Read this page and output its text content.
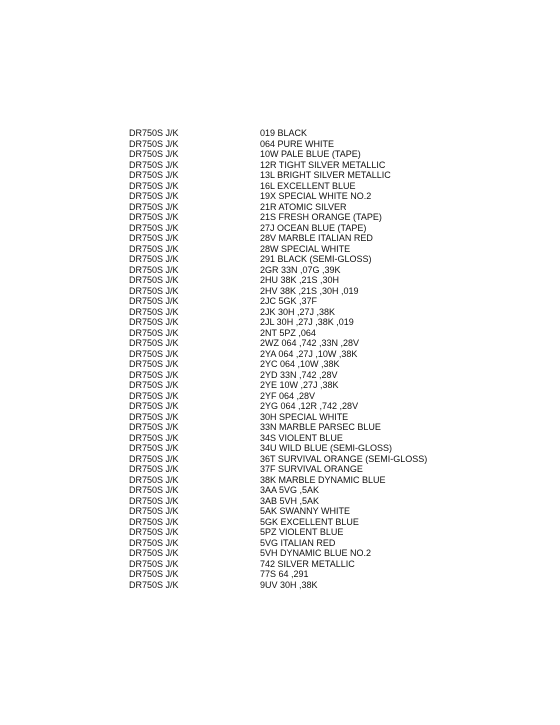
DR750S J/K	019 BLACK
DR750S J/K	064 PURE WHITE
DR750S J/K	10W PALE BLUE (TAPE)
DR750S J/K	12R TIGHT SILVER METALLIC
DR750S J/K	13L BRIGHT SILVER METALLIC
DR750S J/K	16L EXCELLENT BLUE
DR750S J/K	19X SPECIAL WHITE NO.2
DR750S J/K	21R ATOMIC SILVER
DR750S J/K	21S FRESH ORANGE (TAPE)
DR750S J/K	27J OCEAN BLUE (TAPE)
DR750S J/K	28V MARBLE ITALIAN RED
DR750S J/K	28W SPECIAL WHITE
DR750S J/K	291 BLACK (SEMI-GLOSS)
DR750S J/K	2GR 33N ,07G ,39K
DR750S J/K	2HU 38K ,21S ,30H
DR750S J/K	2HV 38K ,21S ,30H ,019
DR750S J/K	2JC 5GK ,37F
DR750S J/K	2JK 30H ,27J ,38K
DR750S J/K	2JL 30H ,27J ,38K ,019
DR750S J/K	2NT 5PZ ,064
DR750S J/K	2WZ 064 ,742 ,33N ,28V
DR750S J/K	2YA 064 ,27J ,10W ,38K
DR750S J/K	2YC 064 ,10W ,38K
DR750S J/K	2YD 33N ,742 ,28V
DR750S J/K	2YE 10W ,27J ,38K
DR750S J/K	2YF 064 ,28V
DR750S J/K	2YG 064 ,12R ,742 ,28V
DR750S J/K	30H SPECIAL WHITE
DR750S J/K	33N MARBLE PARSEC BLUE
DR750S J/K	34S VIOLENT BLUE
DR750S J/K	34U WILD BLUE (SEMI-GLOSS)
DR750S J/K	36T SURVIVAL ORANGE (SEMI-GLOSS)
DR750S J/K	37F SURVIVAL ORANGE
DR750S J/K	38K MARBLE DYNAMIC BLUE
DR750S J/K	3AA 5VG ,5AK
DR750S J/K	3AB 5VH ,5AK
DR750S J/K	5AK SWANNY WHITE
DR750S J/K	5GK EXCELLENT BLUE
DR750S J/K	5PZ VIOLENT BLUE
DR750S J/K	5VG ITALIAN RED
DR750S J/K	5VH DYNAMIC BLUE NO.2
DR750S J/K	742 SILVER METALLIC
DR750S J/K	77S 64 ,291
DR750S J/K	9UV 30H ,38K
